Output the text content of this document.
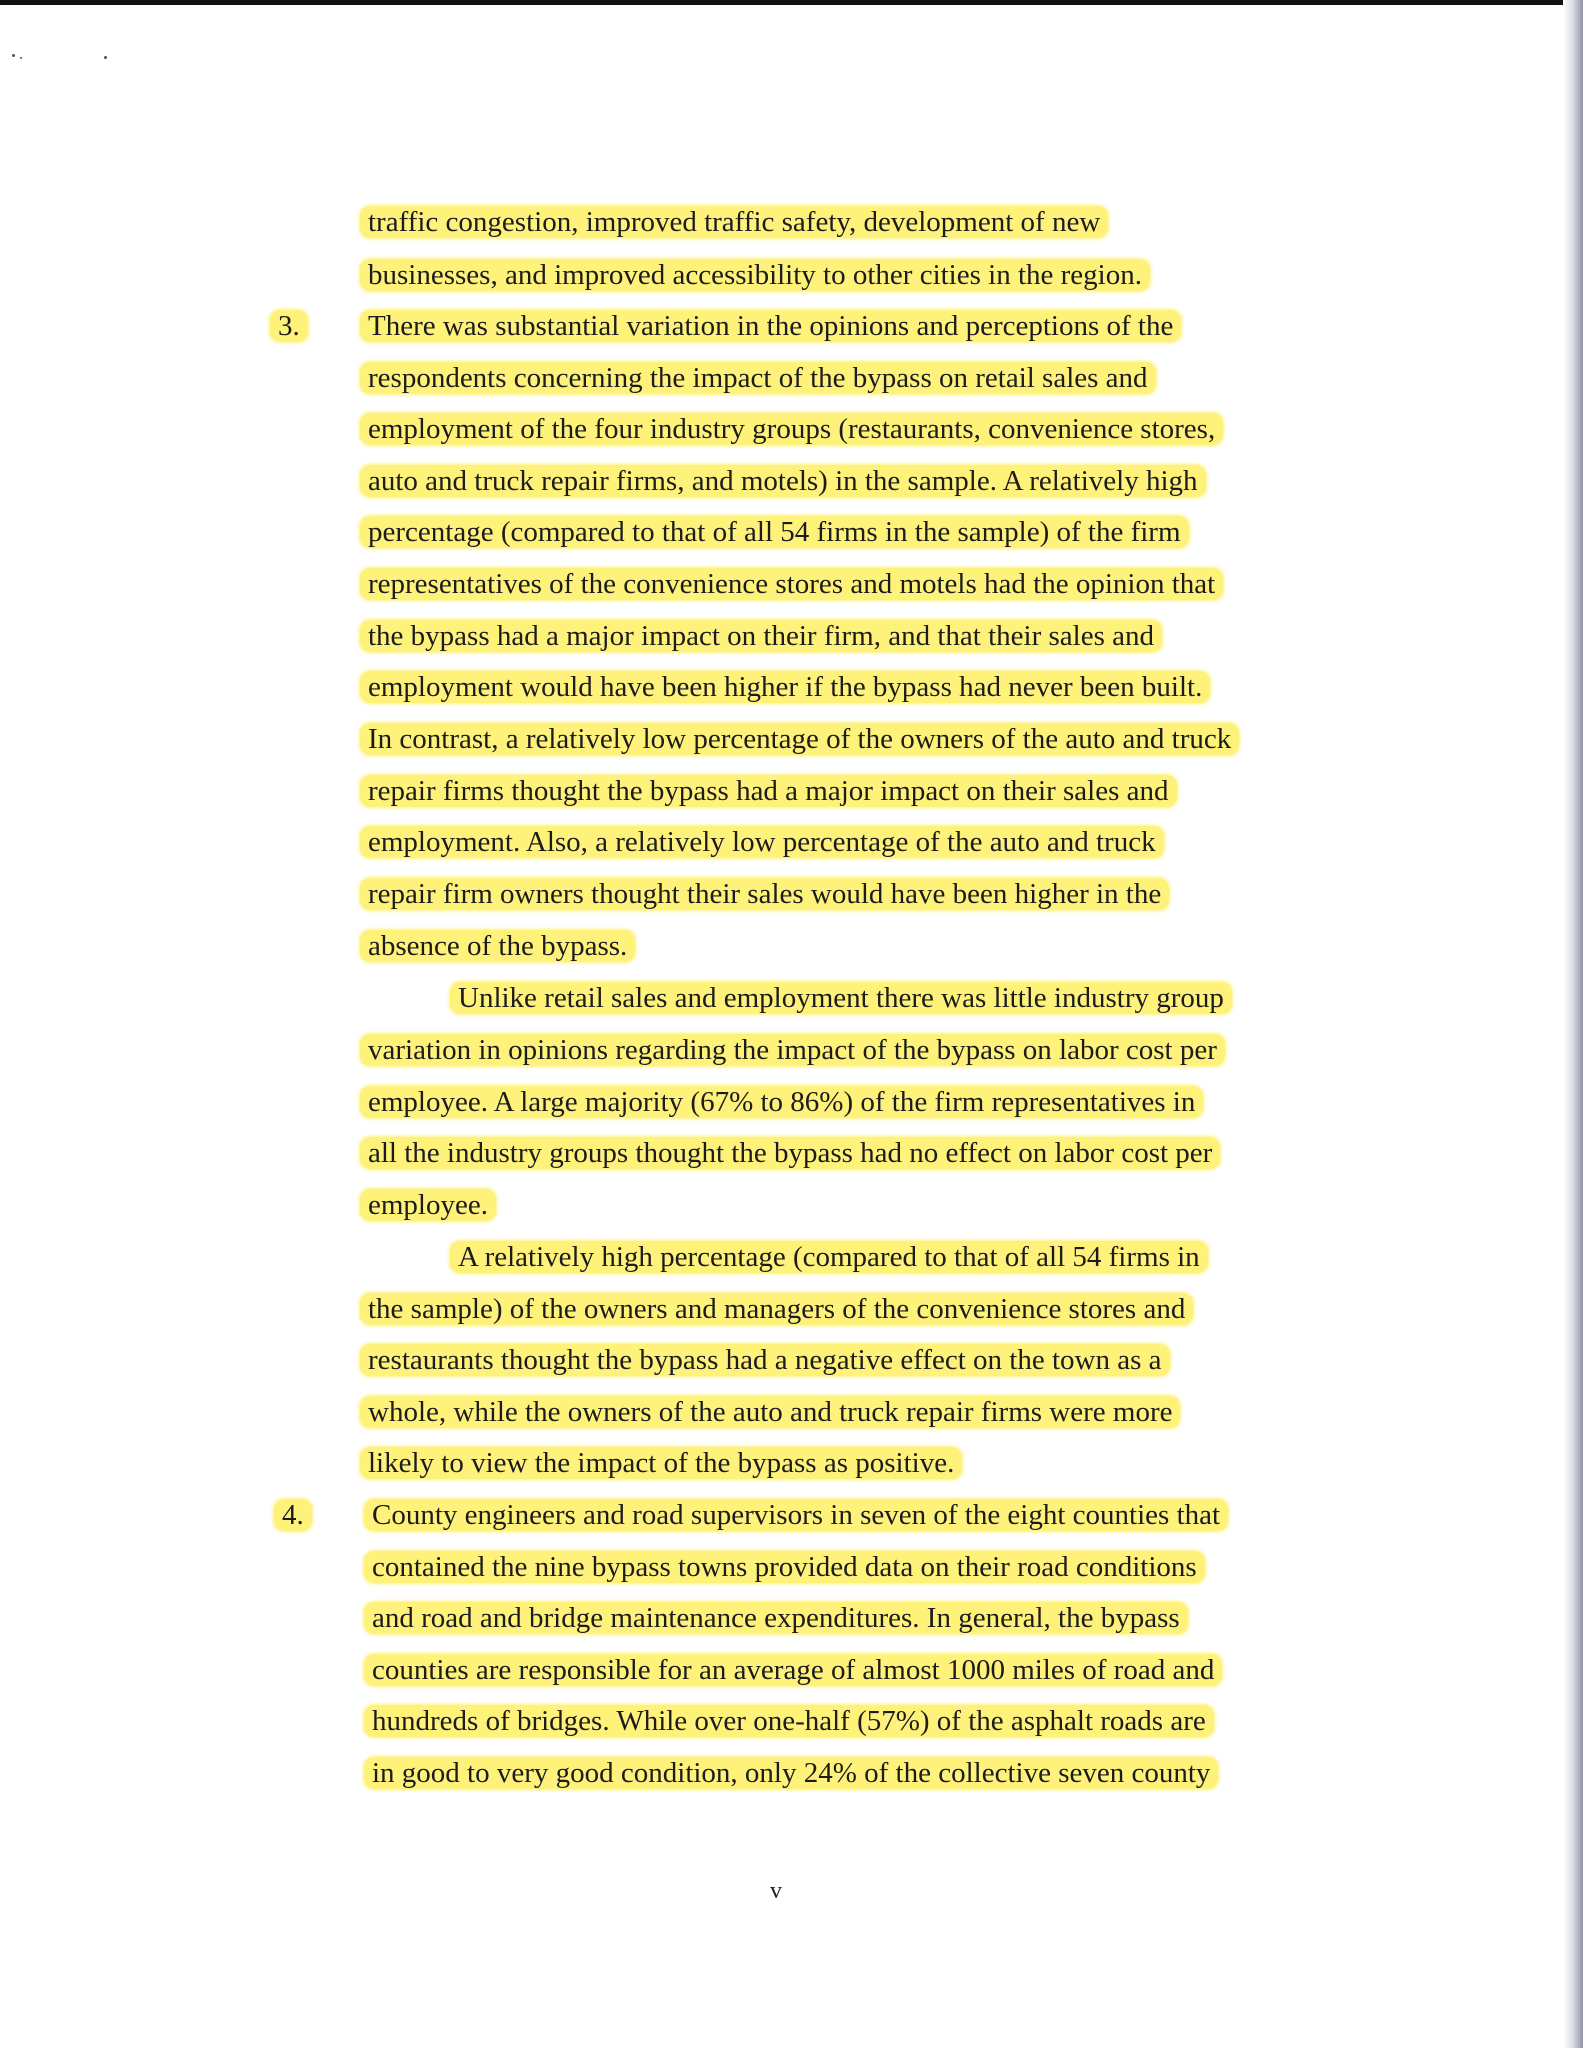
traffic congestion, improved traffic safety, development of new
businesses, and improved accessibility to other cities in the region.
3. There was substantial variation in the opinions and perceptions of the
respondents concerning the impact of the bypass on retail sales and
employment of the four industry groups (restaurants, convenience stores,
auto and truck repair firms, and motels) in the sample. A relatively high
percentage (compared to that of all 54 firms in the sample) of the firm
representatives of the convenience stores and motels had the opinion that
the bypass had a major impact on their firm, and that their sales and
employment would have been higher if the bypass had never been built.
In contrast, a relatively low percentage of the owners of the auto and truck
repair firms thought the bypass had a major impact on their sales and
employment. Also, a relatively low percentage of the auto and truck
repair firm owners thought their sales would have been higher in the
absence of the bypass.
Unlike retail sales and employment there was little industry group
variation in opinions regarding the impact of the bypass on labor cost per
employee. A large majority (67% to 86%) of the firm representatives in
all the industry groups thought the bypass had no effect on labor cost per
employee.
A relatively high percentage (compared to that of all 54 firms in
the sample) of the owners and managers of the convenience stores and
restaurants thought the bypass had a negative effect on the town as a
whole, while the owners of the auto and truck repair firms were more
likely to view the impact of the bypass as positive.
4. County engineers and road supervisors in seven of the eight counties that
contained the nine bypass towns provided data on their road conditions
and road and bridge maintenance expenditures. In general, the bypass
counties are responsible for an average of almost 1000 miles of road and
hundreds of bridges. While over one-half (57%) of the asphalt roads are
in good to very good condition, only 24% of the collective seven county
v
